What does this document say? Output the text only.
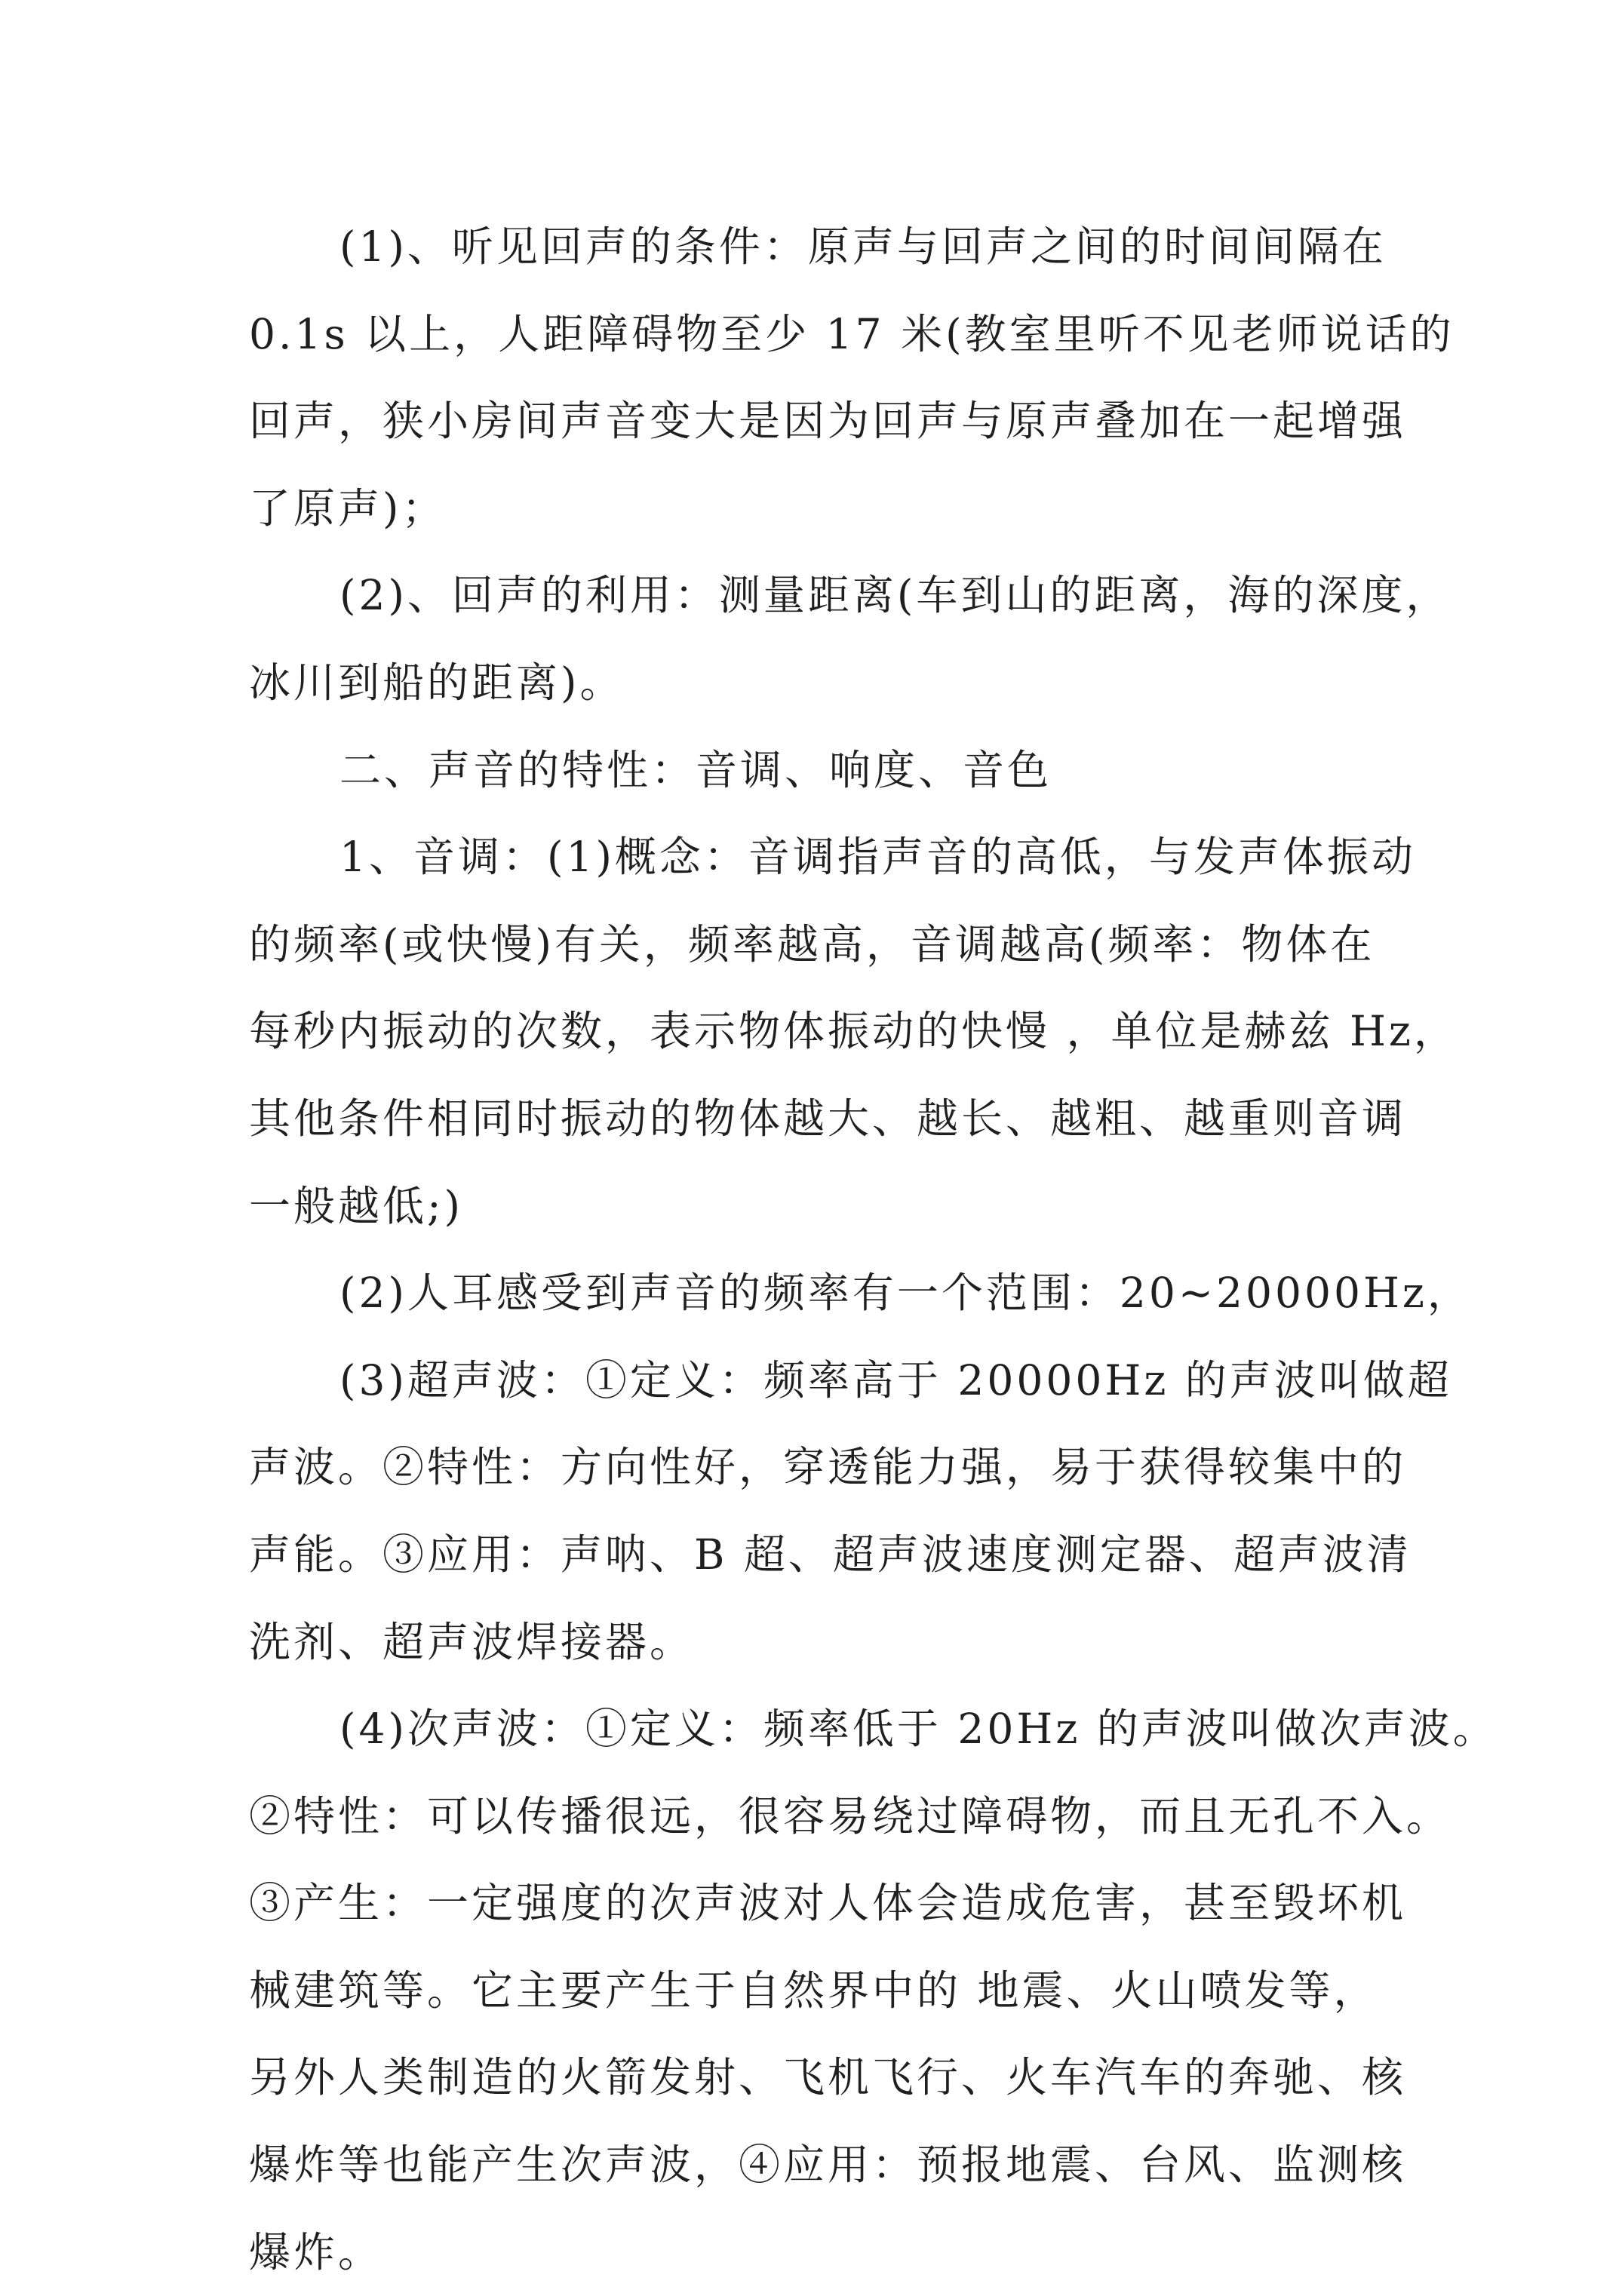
(1)、听见回声的条件：原声与回声之间的时间间隔在
0.1s 以上，人距障碍物至少 17 米(教室里听不见老师说话的
回声，狭小房间声音变大是因为回声与原声叠加在一起增强
了原声)；
(2)、回声的利用：测量距离(车到山的距离，海的深度，
冰川到船的距离)。
二、声音的特性：音调、响度、音色
1、音调：(1)概念：音调指声音的高低，与发声体振动
的频率(或快慢)有关，频率越高，音调越高(频率：物体在
每秒内振动的次数，表示物体振动的快慢 ，单位是赫兹 Hz，
其他条件相同时振动的物体越大、越长、越粗、越重则音调
一般越低;)
(2)人耳感受到声音的频率有一个范围：20~20000Hz，
(3)超声波：①定义：频率高于 20000Hz 的声波叫做超
声波。②特性：方向性好，穿透能力强，易于获得较集中的
声能。③应用：声呐、B 超、超声波速度测定器、超声波清
洗剂、超声波焊接器。
(4)次声波：①定义：频率低于 20Hz 的声波叫做次声波。
②特性：可以传播很远，很容易绕过障碍物，而且无孔不入。
③产生：一定强度的次声波对人体会造成危害，甚至毁坏机
械建筑等。它主要产生于自然界中的 地震、火山喷发等，
另外人类制造的火箭发射、飞机飞行、火车汽车的奔驰、核
爆炸等也能产生次声波，④应用：预报地震、台风、监测核
爆炸。
